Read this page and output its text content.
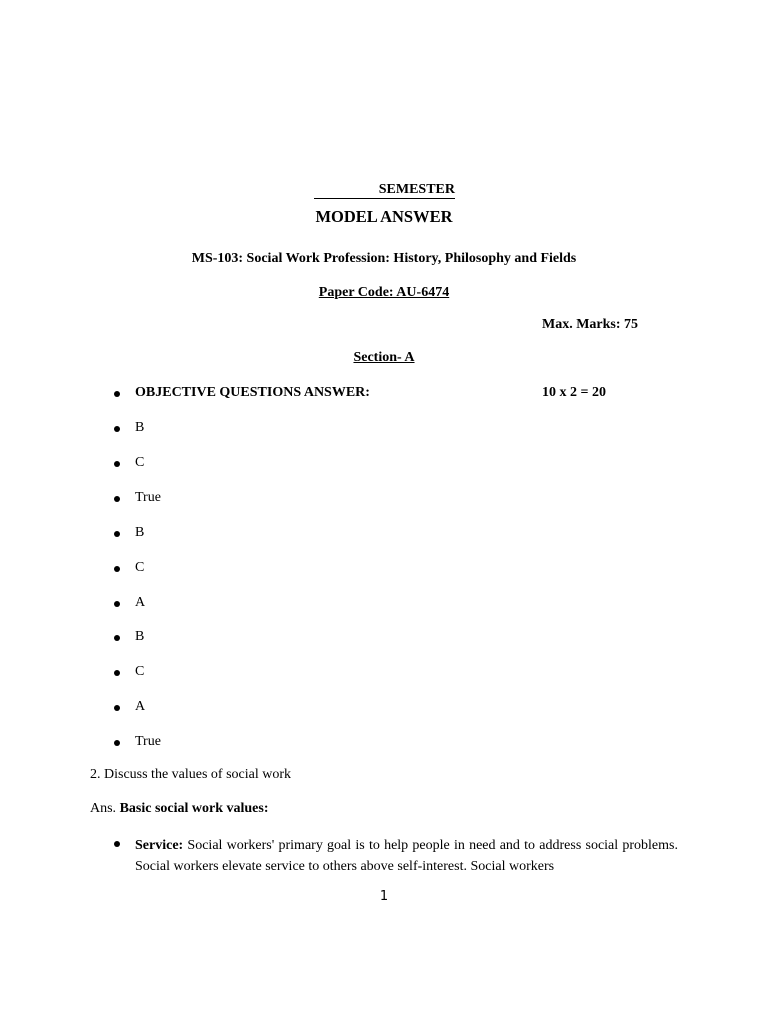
SEMESTER
MODEL ANSWER
MS-103: Social Work Profession: History, Philosophy and Fields
Paper Code: AU-6474
Max. Marks: 75
Section- A
OBJECTIVE QUESTIONS ANSWER:	10 x 2 = 20
B
C
True
B
C
A
B
C
A
True
2. Discuss the values of social work
Ans. Basic social work values:
Service: Social workers' primary goal is to help people in need and to address social problems. Social workers elevate service to others above self-interest. Social workers
1
